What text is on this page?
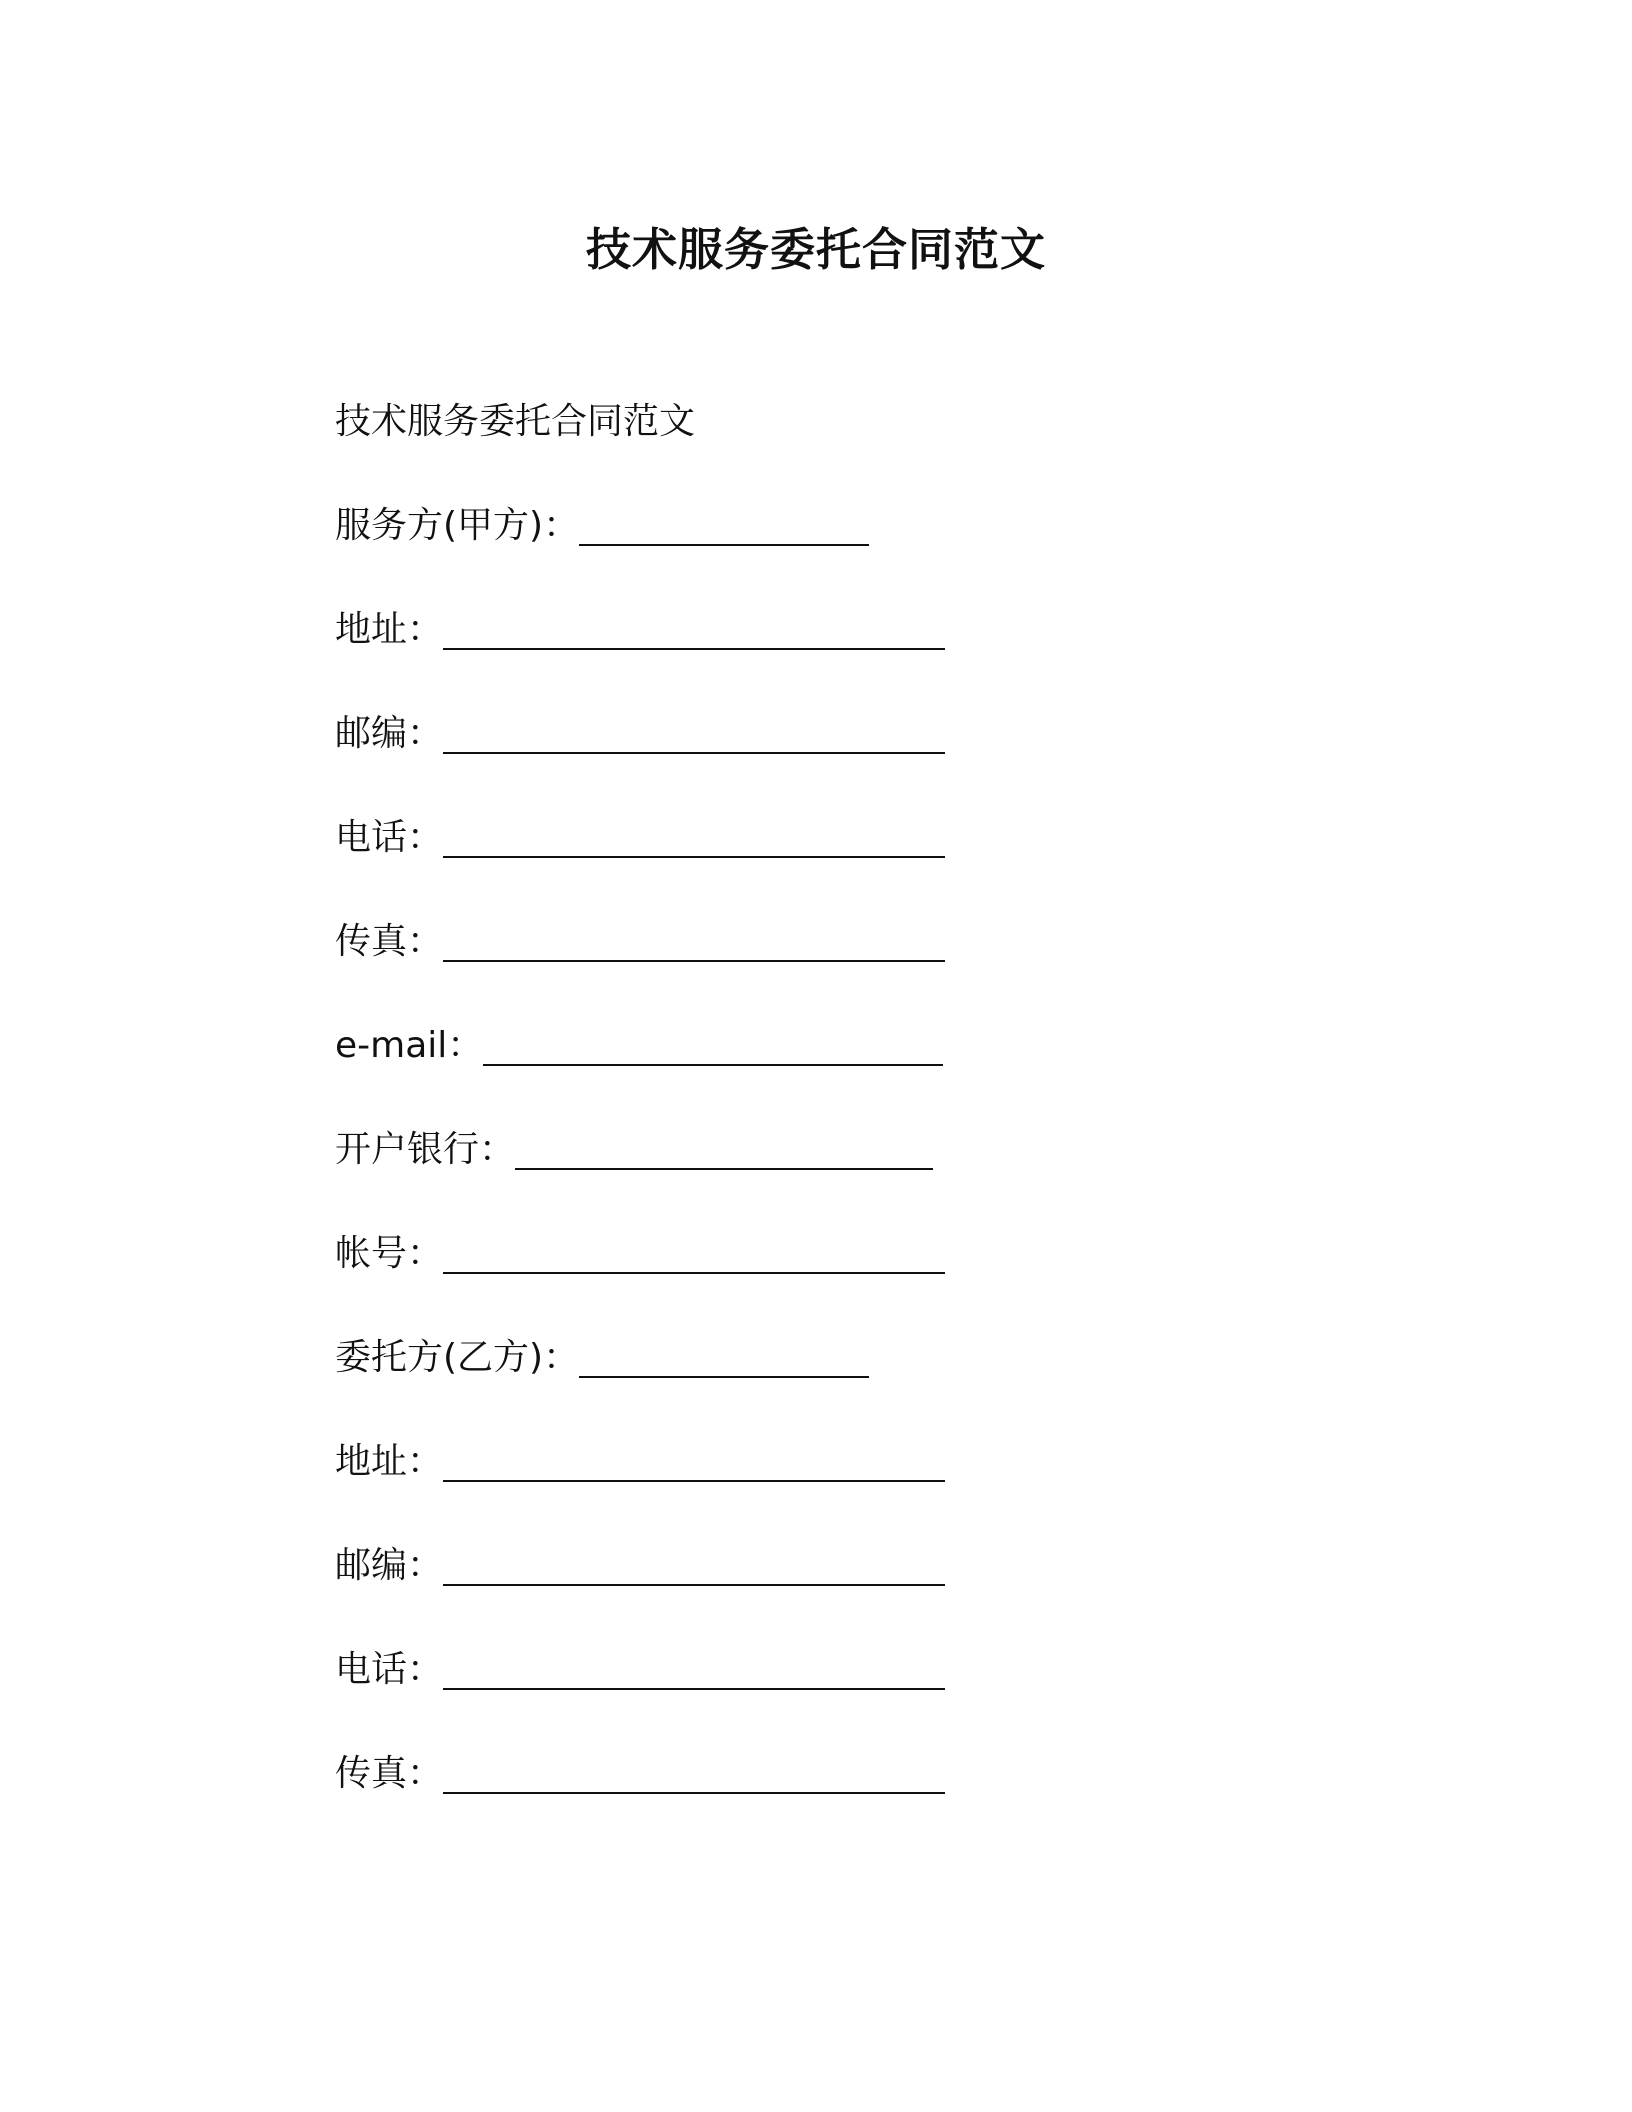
技术服务委托合同范文
技术服务委托合同范文
服务方(甲方)：
地址：
邮编：
电话：
传真：
e-mail：
开户银行：
帐号：
委托方(乙方)：
地址：
邮编：
电话：
传真：
